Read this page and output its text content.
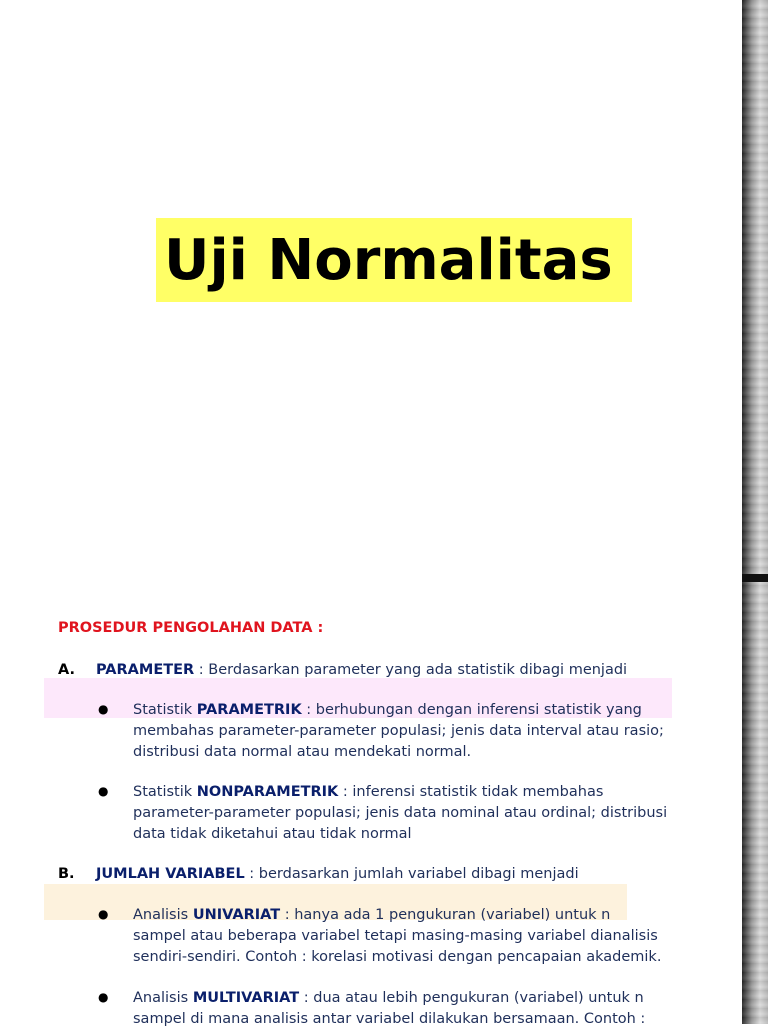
Uji Normalitas
PROSEDUR PENGOLAHAN DATA :
A. PARAMETER : Berdasarkan parameter yang ada statistik dibagi menjadi
● Statistik PARAMETRIK : berhubungan dengan inferensi statistik yang
membahas parameter-parameter populasi; jenis data interval atau rasio;
distribusi data normal atau mendekati normal.
● Statistik NONPARAMETRIK : inferensi statistik tidak membahas
parameter-parameter populasi; jenis data nominal atau ordinal; distribusi
data tidak diketahui atau tidak normal
B. JUMLAH VARIABEL : berdasarkan jumlah variabel dibagi menjadi
● Analisis UNIVARIAT : hanya ada 1 pengukuran (variabel) untuk n
sampel atau beberapa variabel tetapi masing-masing variabel dianalisis
sendiri-sendiri. Contoh : korelasi motivasi dengan pencapaian akademik.
● Analisis MULTIVARIAT : dua atau lebih pengukuran (variabel) untuk n
sampel di mana analisis antar variabel dilakukan bersamaan. Contoh :
